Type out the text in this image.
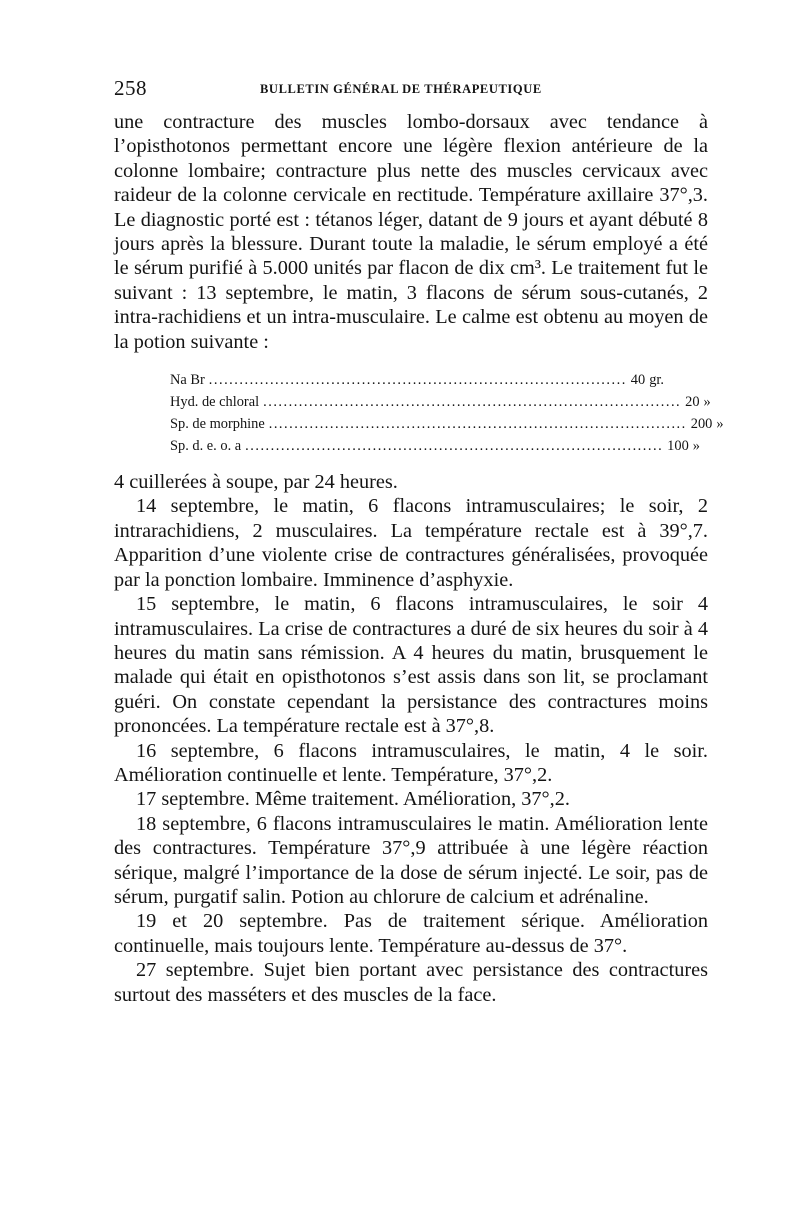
258	BULLETIN GÉNÉRAL DE THÉRAPEUTIQUE

une contracture des muscles lombo-dorsaux avec tendance à l’opisthotonos permettant encore une légère flexion antérieure de la colonne lombaire; contracture plus nette des muscles cervicaux avec raideur de la colonne cervicale en rectitude. Température axillaire 37°,3. Le diagnostic porté est : tétanos léger, datant de 9 jours et ayant débuté 8 jours après la blessure. Durant toute la maladie, le sérum employé a été le sérum purifié à 5.000 unités par flacon de dix cm³. Le traitement fut le suivant : 13 septembre, le matin, 3 flacons de sérum sous-cutanés, 2 intra-rachidiens et un intra-musculaire. Le calme est obtenu au moyen de la potion suivante :

Na Br .................................................................................. 40 gr.
Hyd. de chloral .................................................................................. 20 »
Sp. de morphine .................................................................................. 200 »
Sp. d. e. o. a .................................................................................. 100 »

4 cuillerées à soupe, par 24 heures.

14 septembre, le matin, 6 flacons intramusculaires; le soir, 2 intrarachidiens, 2 musculaires. La température rectale est à 39°,7. Apparition d’une violente crise de contractures généralisées, provoquée par la ponction lombaire. Imminence d’asphyxie.

15 septembre, le matin, 6 flacons intramusculaires, le soir 4 intramusculaires. La crise de contractures a duré de six heures du soir à 4 heures du matin sans rémission. A 4 heures du matin, brusquement le malade qui était en opisthotonos s’est assis dans son lit, se proclamant guéri. On constate cependant la persistance des contractures moins prononcées. La température rectale est à 37°,8.

16 septembre, 6 flacons intramusculaires, le matin, 4 le soir. Amélioration continuelle et lente. Température, 37°,2.

17 septembre. Même traitement. Amélioration, 37°,2.

18 septembre, 6 flacons intramusculaires le matin. Amélioration lente des contractures. Température 37°,9 attribuée à une légère réaction sérique, malgré l’importance de la dose de sérum injecté. Le soir, pas de sérum, purgatif salin. Potion au chlorure de calcium et adrénaline.

19 et 20 septembre. Pas de traitement sérique. Amélioration continuelle, mais toujours lente. Température au-dessus de 37°.

27 septembre. Sujet bien portant avec persistance des contractures surtout des masséters et des muscles de la face.
